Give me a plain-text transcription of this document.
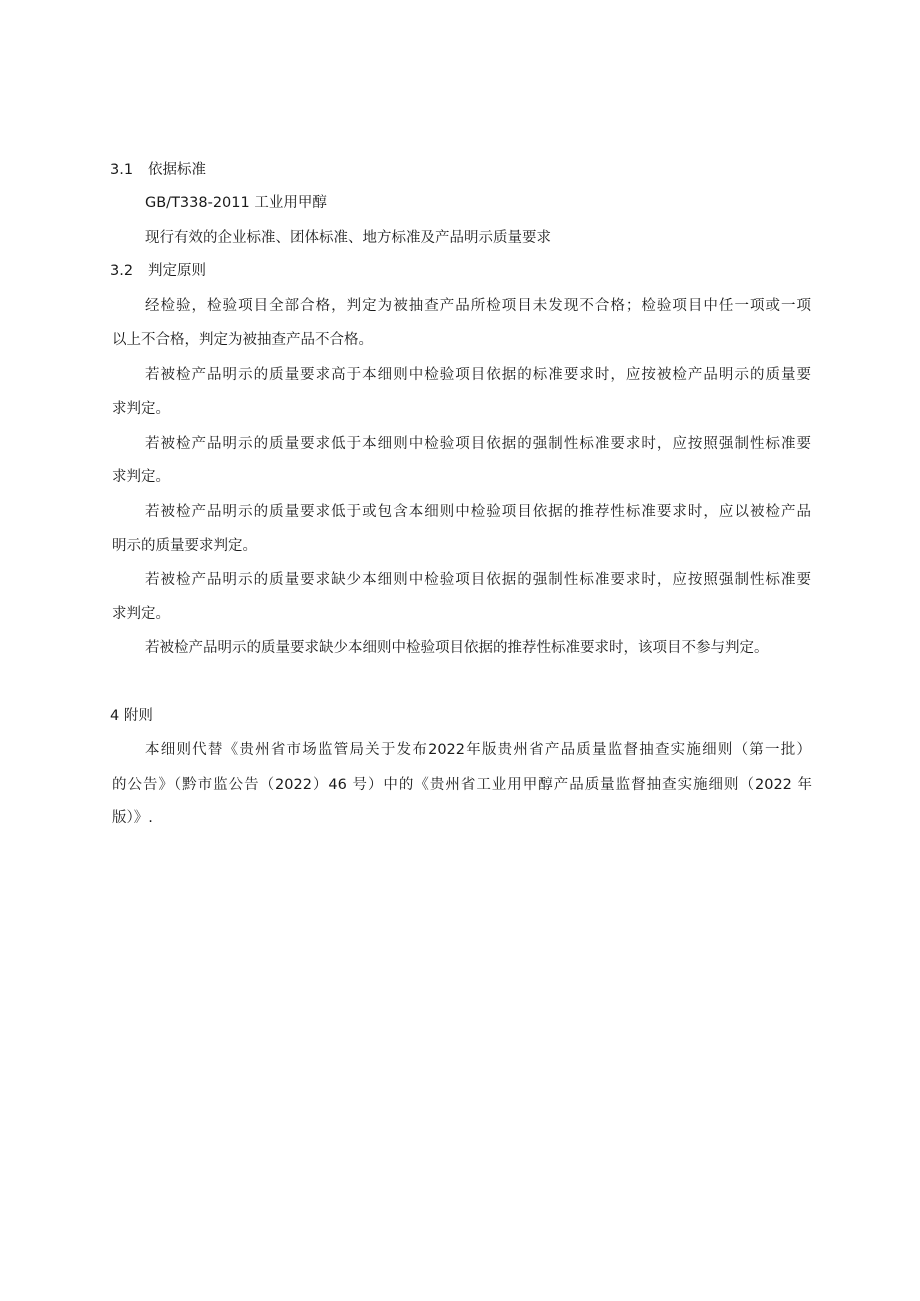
3.1 依据标准
GB/T338-2011 工业用甲醇
现行有效的企业标准、团体标准、地方标准及产品明示质量要求
3.2 判定原则
经检验，检验项目全部合格，判定为被抽查产品所检项目未发现不合格；检验项目中任一项或一项
以上不合格，判定为被抽查产品不合格。
若被检产品明示的质量要求高于本细则中检验项目依据的标准要求时，应按被检产品明示的质量要
求判定。
若被检产品明示的质量要求低于本细则中检验项目依据的强制性标准要求时，应按照强制性标准要
求判定。
若被检产品明示的质量要求低于或包含本细则中检验项目依据的推荐性标准要求时，应以被检产品
明示的质量要求判定。
若被检产品明示的质量要求缺少本细则中检验项目依据的强制性标准要求时，应按照强制性标准要
求判定。
若被检产品明示的质量要求缺少本细则中检验项目依据的推荐性标准要求时，该项目不参与判定。
4 附则
本细则代替《贵州省市场监管局关于发布2022年版贵州省产品质量监督抽查实施细则（第一批）
的公告》（黔市监公告（2022）46 号）中的《贵州省工业用甲醇产品质量监督抽查实施细则（2022 年
版）》.
